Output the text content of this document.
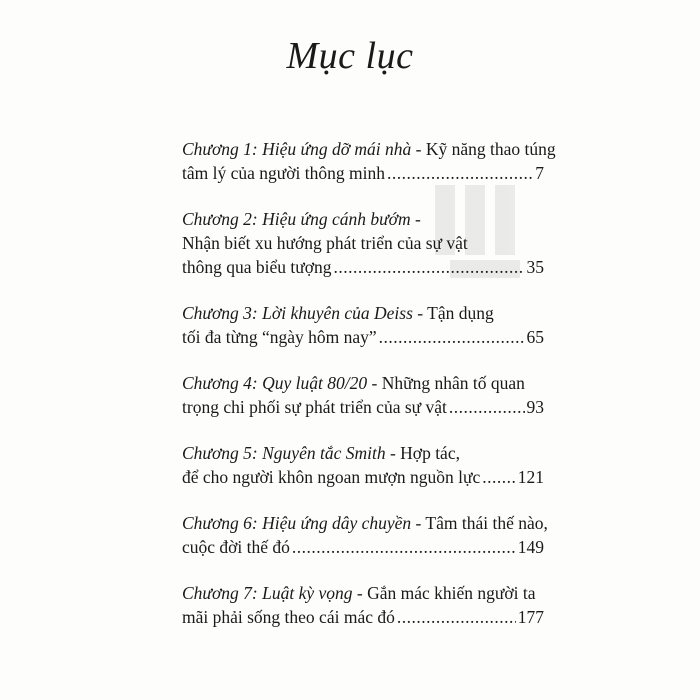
Mục lục
Chương 1: Hiệu ứng dỡ mái nhà - Kỹ năng thao túng
tâm lý của người thông minh .....	7
Chương 2: Hiệu ứng cánh bướm -
Nhận biết xu hướng phát triển của sự vật
thông qua biểu tượng .....	35
Chương 3: Lời khuyên của Deiss - Tận dụng
tối đa từng “ngày hôm nay” .....	65
Chương 4: Quy luật 80/20 - Những nhân tố quan
trọng chi phối sự phát triển của sự vật .....	93
Chương 5: Nguyên tắc Smith - Hợp tác,
để cho người khôn ngoan mượn nguồn lực ..... 121
Chương 6: Hiệu ứng dây chuyền - Tâm thái thế nào,
cuộc đời thế đó .....	149
Chương 7: Luật kỳ vọng - Gắn mác khiến người ta
mãi phải sống theo cái mác đó .....	177
